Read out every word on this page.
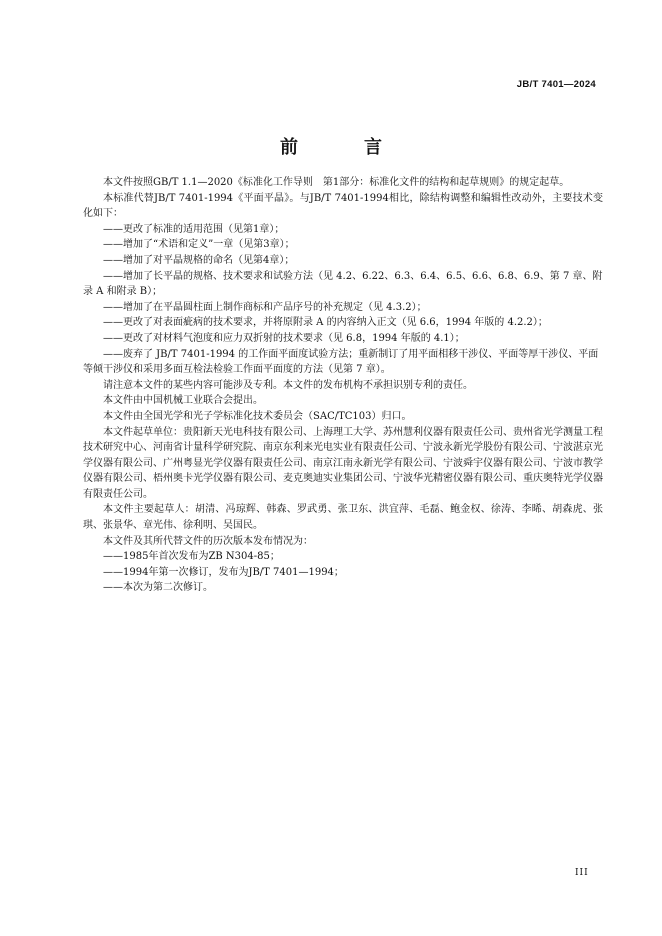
JB/T 7401—2024
前　言

本文件按照GB/T 1.1—2020《标准化工作导则　第1部分：标准化文件的结构和起草规则》的规定起草。

本标准代替JB/T 7401-1994《平面平晶》。与JB/T 7401-1994相比，除结构调整和编辑性改动外，主要技术变化如下：

——更改了标准的适用范围（见第1章）；

——增加了“术语和定义”一章（见第3章）；

——增加了对平晶规格的命名（见第4章）；

——增加了长平晶的规格、技术要求和试验方法（见 4.2、6.22、6.3、6.4、6.5、6.6、6.8、6.9、第 7 章、附录 A 和附录 B）；

——增加了在平晶圆柱面上制作商标和产品序号的补充规定（见 4.3.2）；

——更改了对表面疵病的技术要求，并将原附录 A 的内容纳入正文（见 6.6，1994 年版的 4.2.2）；

——更改了对材料气泡度和应力双折射的技术要求（见 6.8，1994 年版的 4.1）；

——废弃了 JB/T 7401-1994 的工作面平面度试验方法；重新制订了用平面相移干涉仪、平面等厚干涉仪、平面等倾干涉仪和采用多面互检法检验工作面平面度的方法（见第 7 章）。

请注意本文件的某些内容可能涉及专利。本文件的发布机构不承担识别专利的责任。

本文件由中国机械工业联合会提出。

本文件由全国光学和光子学标准化技术委员会（SAC/TC103）归口。

本文件起草单位：贵阳新天光电科技有限公司、上海理工大学、苏州慧利仪器有限责任公司、贵州省光学测量工程技术研究中心、河南省计量科学研究院、南京东利来光电实业有限责任公司、宁波永新光学股份有限公司、宁波湛京光学仪器有限公司、广州粤显光学仪器有限责任公司、南京江南永新光学有限公司、宁波舜宇仪器有限公司、宁波市教学仪器有限公司、梧州奥卡光学仪器有限公司、麦克奥迪实业集团公司、宁波华光精密仪器有限公司、重庆奥特光学仪器有限责任公司。

本文件主要起草人：胡清、冯琼辉、韩森、罗武勇、张卫东、洪宜萍、毛磊、鲍金权、徐涛、李晞、胡森虎、张琪、张景华、章光伟、徐利明、吴国民。

本文件及其所代替文件的历次版本发布情况为：

——1985年首次发布为ZB N304-85；

——1994年第一次修订，发布为JB/T 7401—1994；

——本次为第二次修订。

III
